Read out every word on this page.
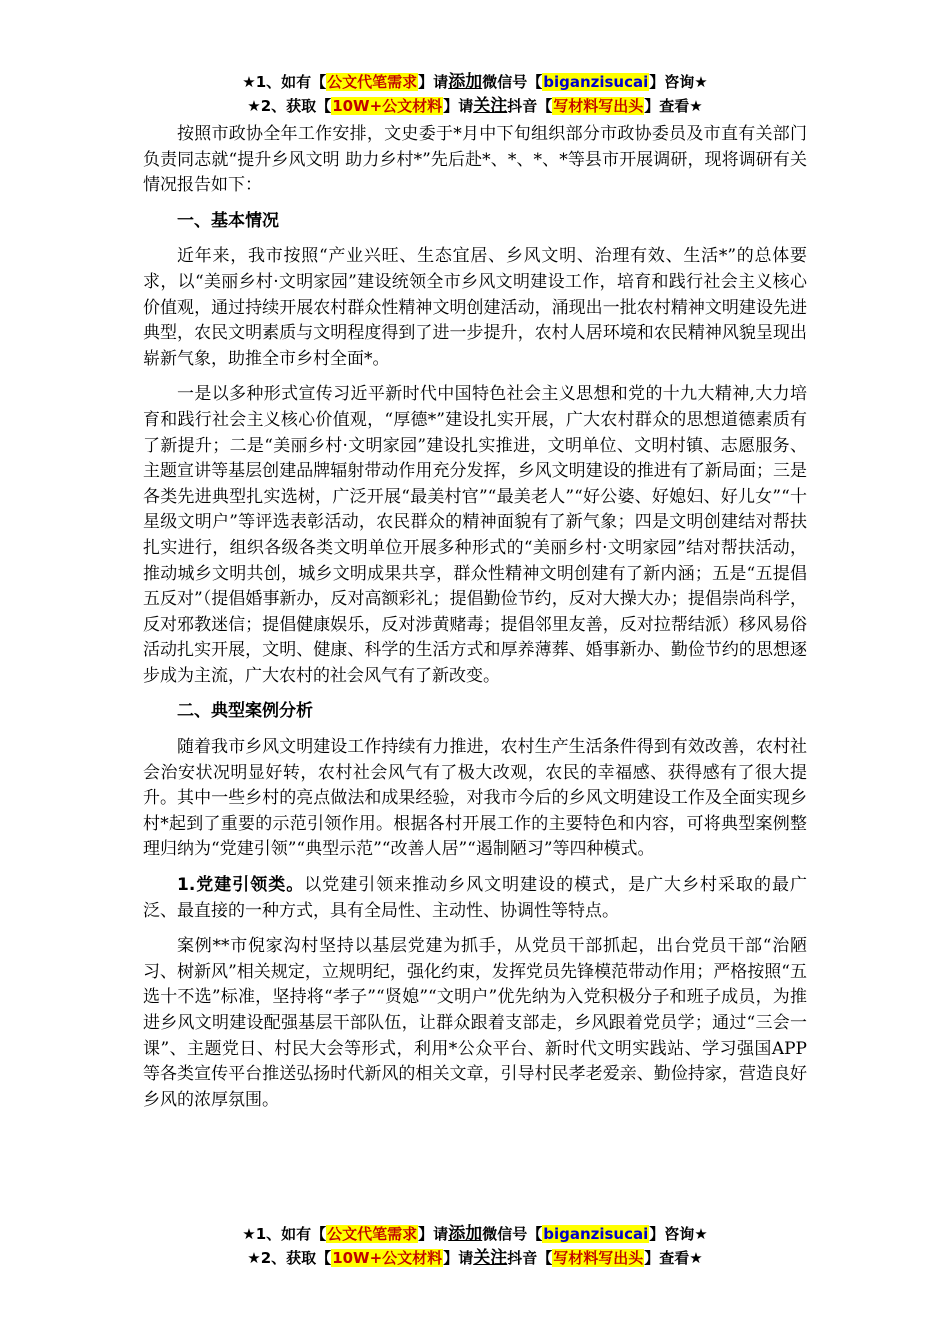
★1、如有【公文代笔需求】请添加微信号【biganzisucai】咨询★
★2、获取【10W+公文材料】请关注抖音【写材料写出头】查看★

按照市政协全年工作安排，文史委于*月中下旬组织部分市政协委员及市直有关部门负责同志就“提升乡风文明 助力乡村*”先后赴*、*、*、*等县市开展调研，现将调研有关情况报告如下：

一、基本情况

近年来，我市按照“产业兴旺、生态宜居、乡风文明、治理有效、生活*”的总体要求，以“美丽乡村·文明家园”建设统领全市乡风文明建设工作，培育和践行社会主义核心价值观，通过持续开展农村群众性精神文明创建活动，涌现出一批农村精神文明建设先进典型，农民文明素质与文明程度得到了进一步提升，农村人居环境和农民精神风貌呈现出崭新气象，助推全市乡村全面*。

一是以多种形式宣传习近平新时代中国特色社会主义思想和党的十九大精神,大力培育和践行社会主义核心价值观，“厚德*”建设扎实开展，广大农村群众的思想道德素质有了新提升；二是“美丽乡村·文明家园”建设扎实推进，文明单位、文明村镇、志愿服务、主题宣讲等基层创建品牌辐射带动作用充分发挥，乡风文明建设的推进有了新局面；三是各类先进典型扎实选树，广泛开展“最美村官”“最美老人”“好公婆、好媳妇、好儿女”“十星级文明户”等评选表彰活动，农民群众的精神面貌有了新气象；四是文明创建结对帮扶扎实进行，组织各级各类文明单位开展多种形式的“美丽乡村·文明家园”结对帮扶活动，推动城乡文明共创，城乡文明成果共享，群众性精神文明创建有了新内涵；五是“五提倡五反对”（提倡婚事新办，反对高额彩礼；提倡勤俭节约，反对大操大办；提倡崇尚科学，反对邪教迷信；提倡健康娱乐，反对涉黄赌毒；提倡邻里友善，反对拉帮结派）移风易俗活动扎实开展，文明、健康、科学的生活方式和厚养薄葬、婚事新办、勤俭节约的思想逐步成为主流，广大农村的社会风气有了新改变。

二、典型案例分析

随着我市乡风文明建设工作持续有力推进，农村生产生活条件得到有效改善，农村社会治安状况明显好转，农村社会风气有了极大改观，农民的幸福感、获得感有了很大提升。其中一些乡村的亮点做法和成果经验，对我市今后的乡风文明建设工作及全面实现乡村*起到了重要的示范引领作用。根据各村开展工作的主要特色和内容，可将典型案例整理归纳为“党建引领”“典型示范”“改善人居”“遏制陋习”等四种模式。

1.党建引领类。以党建引领来推动乡风文明建设的模式，是广大乡村采取的最广泛、最直接的一种方式，具有全局性、主动性、协调性等特点。

案例**市倪家沟村坚持以基层党建为抓手，从党员干部抓起，出台党员干部“治陋习、树新风”相关规定，立规明纪，强化约束，发挥党员先锋模范带动作用；严格按照“五选十不选”标准，坚持将“孝子”“贤媳”“文明户”优先纳为入党积极分子和班子成员，为推进乡风文明建设配强基层干部队伍，让群众跟着支部走，乡风跟着党员学；通过“三会一课”、主题党日、村民大会等形式，利用*公众平台、新时代文明实践站、学习强国APP等各类宣传平台推送弘扬时代新风的相关文章，引导村民孝老爱亲、勤俭持家，营造良好乡风的浓厚氛围。

★1、如有【公文代笔需求】请添加微信号【biganzisucai】咨询★
★2、获取【10W+公文材料】请关注抖音【写材料写出头】查看★
